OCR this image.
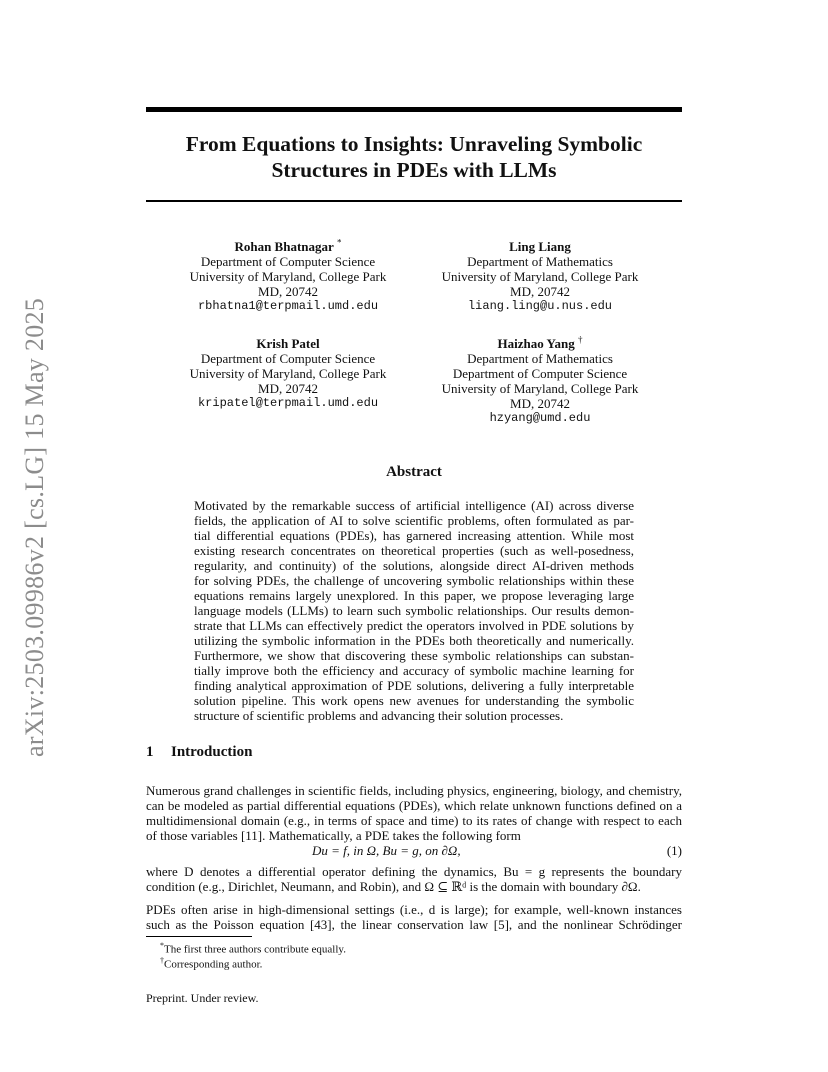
From Equations to Insights: Unraveling Symbolic
Structures in PDEs with LLMs
arXiv:2503.09986v2 [cs.LG] 15 May 2025
Rohan Bhatnagar *
Department of Computer Science
University of Maryland, College Park
MD, 20742
rbhatna1@terpmail.umd.edu
Ling Liang
Department of Mathematics
University of Maryland, College Park
MD, 20742
liang.ling@u.nus.edu
Krish Patel
Department of Computer Science
University of Maryland, College Park
MD, 20742
kripatel@terpmail.umd.edu
Haizhao Yang †
Department of Mathematics
Department of Computer Science
University of Maryland, College Park
MD, 20742
hzyang@umd.edu
Abstract
Motivated by the remarkable success of artificial intelligence (AI) across diverse
fields, the application of AI to solve scientific problems, often formulated as par-
tial differential equations (PDEs), has garnered increasing attention. While most
existing research concentrates on theoretical properties (such as well-posedness,
regularity, and continuity) of the solutions, alongside direct AI-driven methods
for solving PDEs, the challenge of uncovering symbolic relationships within these
equations remains largely unexplored. In this paper, we propose leveraging large
language models (LLMs) to learn such symbolic relationships. Our results demon-
strate that LLMs can effectively predict the operators involved in PDE solutions by
utilizing the symbolic information in the PDEs both theoretically and numerically.
Furthermore, we show that discovering these symbolic relationships can substan-
tially improve both the efficiency and accuracy of symbolic machine learning for
finding analytical approximation of PDE solutions, delivering a fully interpretable
solution pipeline. This work opens new avenues for understanding the symbolic
structure of scientific problems and advancing their solution processes.
1 Introduction
Numerous grand challenges in scientific fields, including physics, engineering, biology, and chemistry,
can be modeled as partial differential equations (PDEs), which relate unknown functions defined on a
multidimensional domain (e.g., in terms of space and time) to its rates of change with respect to each
of those variables [11]. Mathematically, a PDE takes the following form
Du = f, in Ω, Bu = g, on ∂Ω,	(1)
where D denotes a differential operator defining the dynamics, Bu = g represents the boundary
condition (e.g., Dirichlet, Neumann, and Robin), and Ω ⊆ ℝᵈ is the domain with boundary ∂Ω.
PDEs often arise in high-dimensional settings (i.e., d is large); for example, well-known instances
such as the Poisson equation [43], the linear conservation law [5], and the nonlinear Schrödinger
*The first three authors contribute equally.
†Corresponding author.
Preprint. Under review.
